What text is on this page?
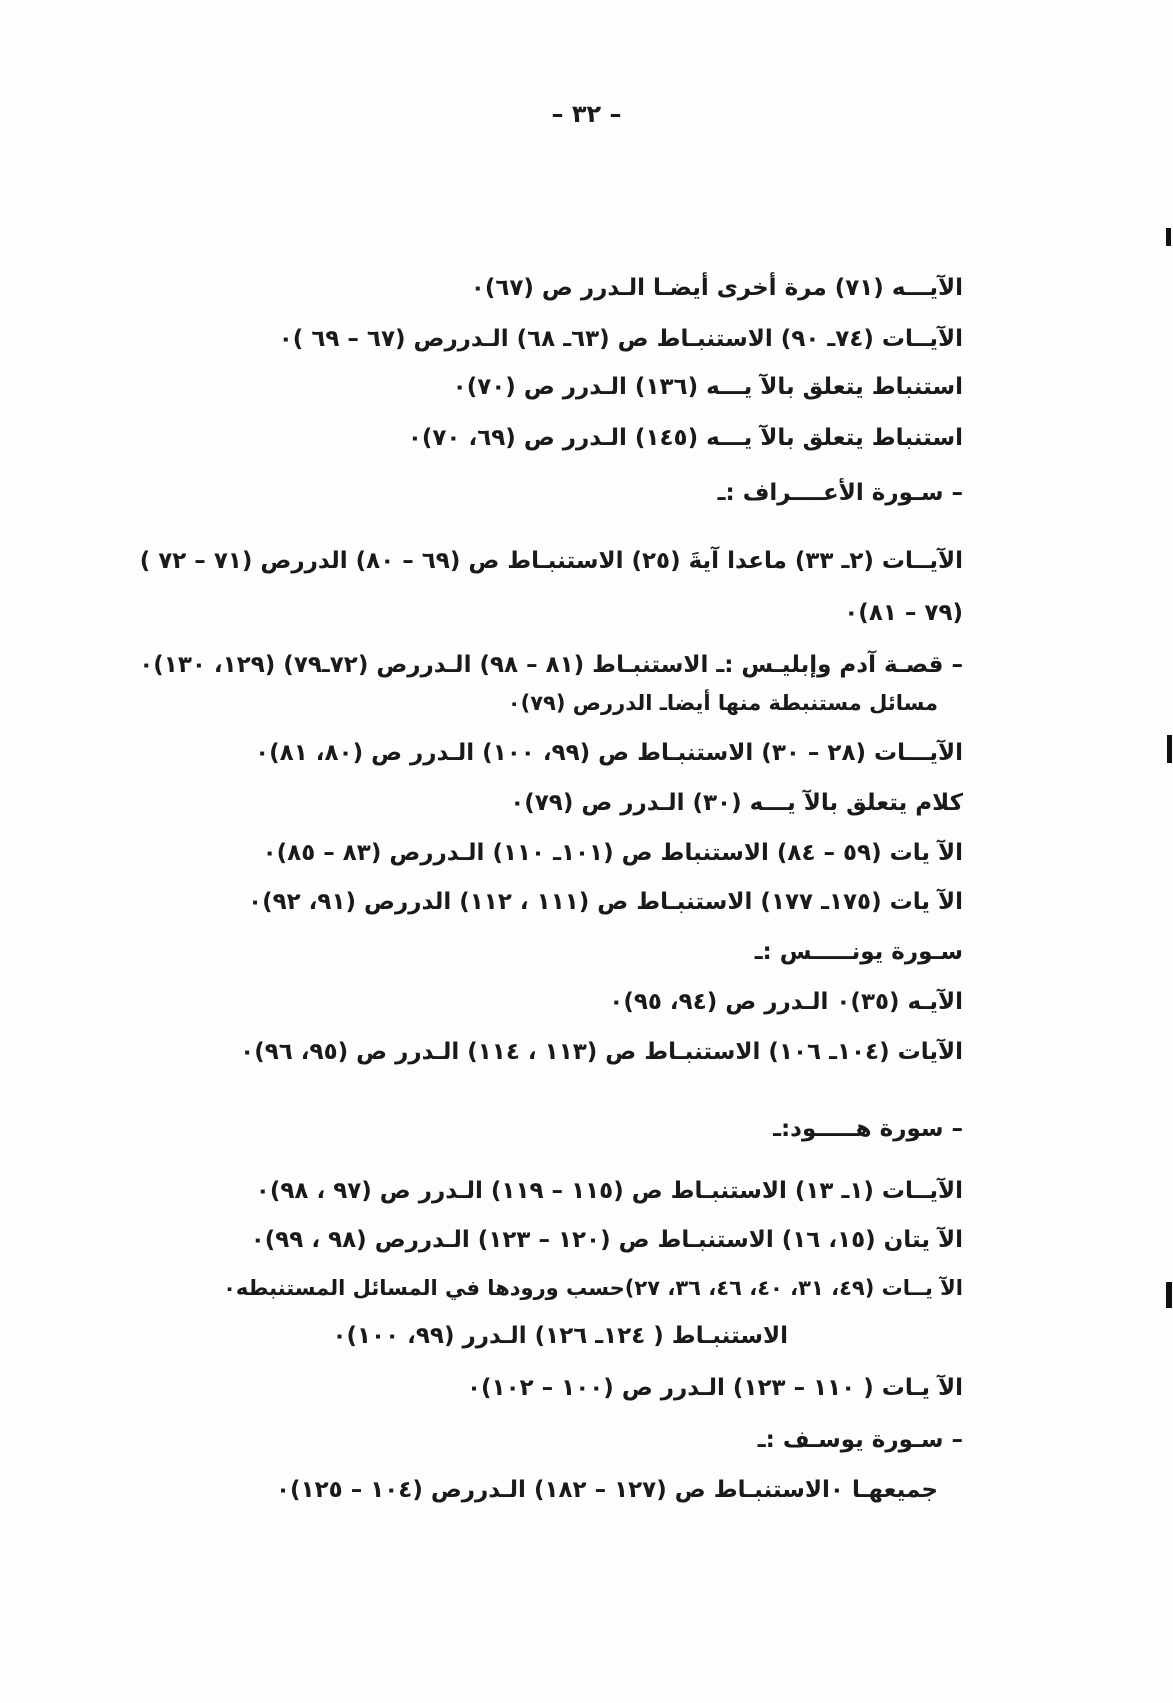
– ٣٢ –
الآيـــه (٧١) مرة أخرى أيضـا الـدرر ص (٦٧)٠
الآيــات (٧٤ـ ٩٠) الاستنبـاط ص (٦٣ـ ٦٨) الـدررص (٦٧ – ٦٩ )٠
استنباط يتعلق بالآ يـــه (١٣٦) الـدرر ص (٧٠)٠
استنباط يتعلق بالآ يـــه (١٤٥) الـدرر ص (٦٩، ٧٠)٠
– سـورة الأعــــراف :ـ
الآيــات (٢ـ ٣٣) ماعدا آيةَ (٢٥) الاستنبـاط ص (٦٩ – ٨٠) الدررص (٧١ – ٧٢ )
(٧٩ – ٨١)٠
– قصـة آدم وإبليـس :ـ الاستنبـاط (٨١ – ٩٨) الـدررص (٧٢ـ٧٩) (١٢٩، ١٣٠)٠
مسائل مستنبطة منها أيضاـ الدررص (٧٩)٠
الآيـــات (٢٨ – ٣٠) الاستنبـاط ص (٩٩، ١٠٠) الـدرر ص (٨٠، ٨١)٠
كلام يتعلق بالآ يـــه (٣٠) الـدرر ص (٧٩)٠
الآ يات (٥٩ – ٨٤) الاستنباط ص (١٠١ـ ١١٠) الـدررص (٨٣ – ٨٥)٠
الآ يات (١٧٥ـ ١٧٧) الاستنبـاط ص (١١١ ، ١١٢) الدررص (٩١، ٩٢)٠
سـورة يونـــــس :ـ
الآيـه (٣٥)٠ الـدرر ص (٩٤، ٩٥)٠
الآيات (١٠٤ـ ١٠٦) الاستنبـاط ص (١١٣ ، ١١٤) الـدرر ص (٩٥، ٩٦)٠
– سورة هـــــود:ـ
الآيــات (١ـ ١٣) الاستنبـاط ص (١١٥ – ١١٩) الـدرر ص (٩٧ ، ٩٨)٠
الآ يتان (١٥، ١٦) الاستنبـاط ص (١٢٠ – ١٢٣) الـدررص (٩٨ ، ٩٩)٠
الآ يــات (٤٩، ٣١، ٤٠، ٤٦، ٣٦، ٢٧)حسب ورودها في المسائل المستنبطه٠
الاستنبـاط ( ١٢٤ـ ١٢٦) الـدرر (٩٩، ١٠٠)٠
الآ يـات ( ١١٠ – ١٢٣) الـدرر ص (١٠٠ – ١٠٢)٠
– سـورة يوسـف :ـ
جميعهـا ٠الاستنبـاط ص (١٢٧ – ١٨٢) الـدررص (١٠٤ – ١٢٥)٠
